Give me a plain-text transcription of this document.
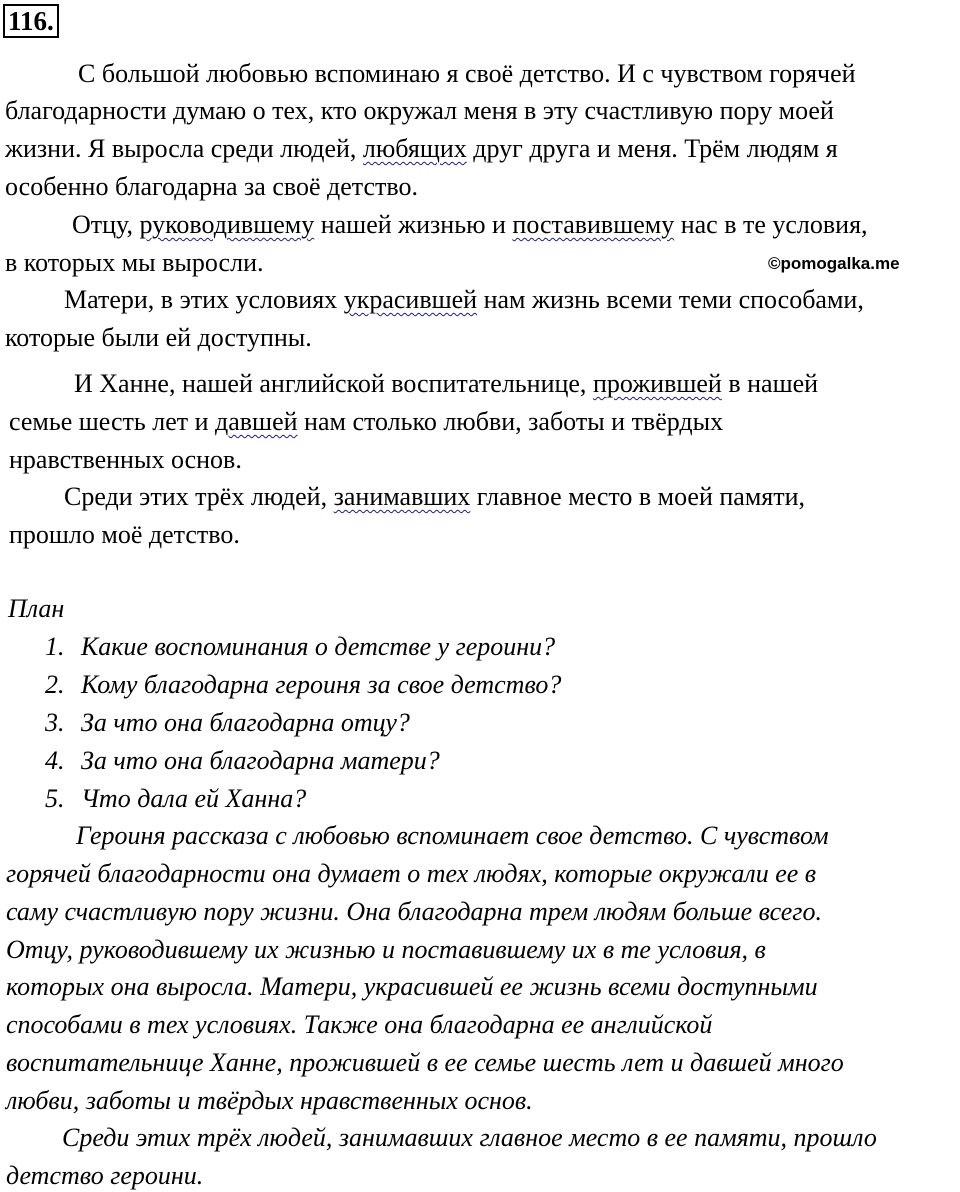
116.
С большой любовью вспоминаю я своё детство. И с чувством горячей
благодарности думаю о тех, кто окружал меня в эту счастливую пору моей
жизни. Я выросла среди людей, любящих друг друга и меня. Трём людям я
особенно благодарна за своё детство.
Отцу, руководившему нашей жизнью и поставившему нас в те условия,
в которых мы выросли.	©pomogalka.me
Матери, в этих условиях украсившей нам жизнь всеми теми способами,
которые были ей доступны.
И Ханне, нашей английской воспитательнице, прожившей в нашей
семье шесть лет и давшей нам столько любви, заботы и твёрдых
нравственных основ.
Среди этих трёх людей, занимавших главное место в моей памяти,
прошло моё детство.
План
1. Какие воспоминания о детстве у героини?
2. Кому благодарна героиня за свое детство?
3. За что она благодарна отцу?
4. За что она благодарна матери?
5. Что дала ей Ханна?
Героиня рассказа с любовью вспоминает свое детство. С чувством
горячей благодарности она думает о тех людях, которые окружали ее в
саму счастливую пору жизни. Она благодарна трем людям больше всего.
Отцу, руководившему их жизнью и поставившему их в те условия, в
которых она выросла. Матери, украсившей ее жизнь всеми доступными
способами в тех условиях. Также она благодарна ее английской
воспитательнице Ханне, прожившей в ее семье шесть лет и давшей много
любви, заботы и твёрдых нравственных основ.
Среди этих трёх людей, занимавших главное место в ее памяти, прошло
детство героини.
